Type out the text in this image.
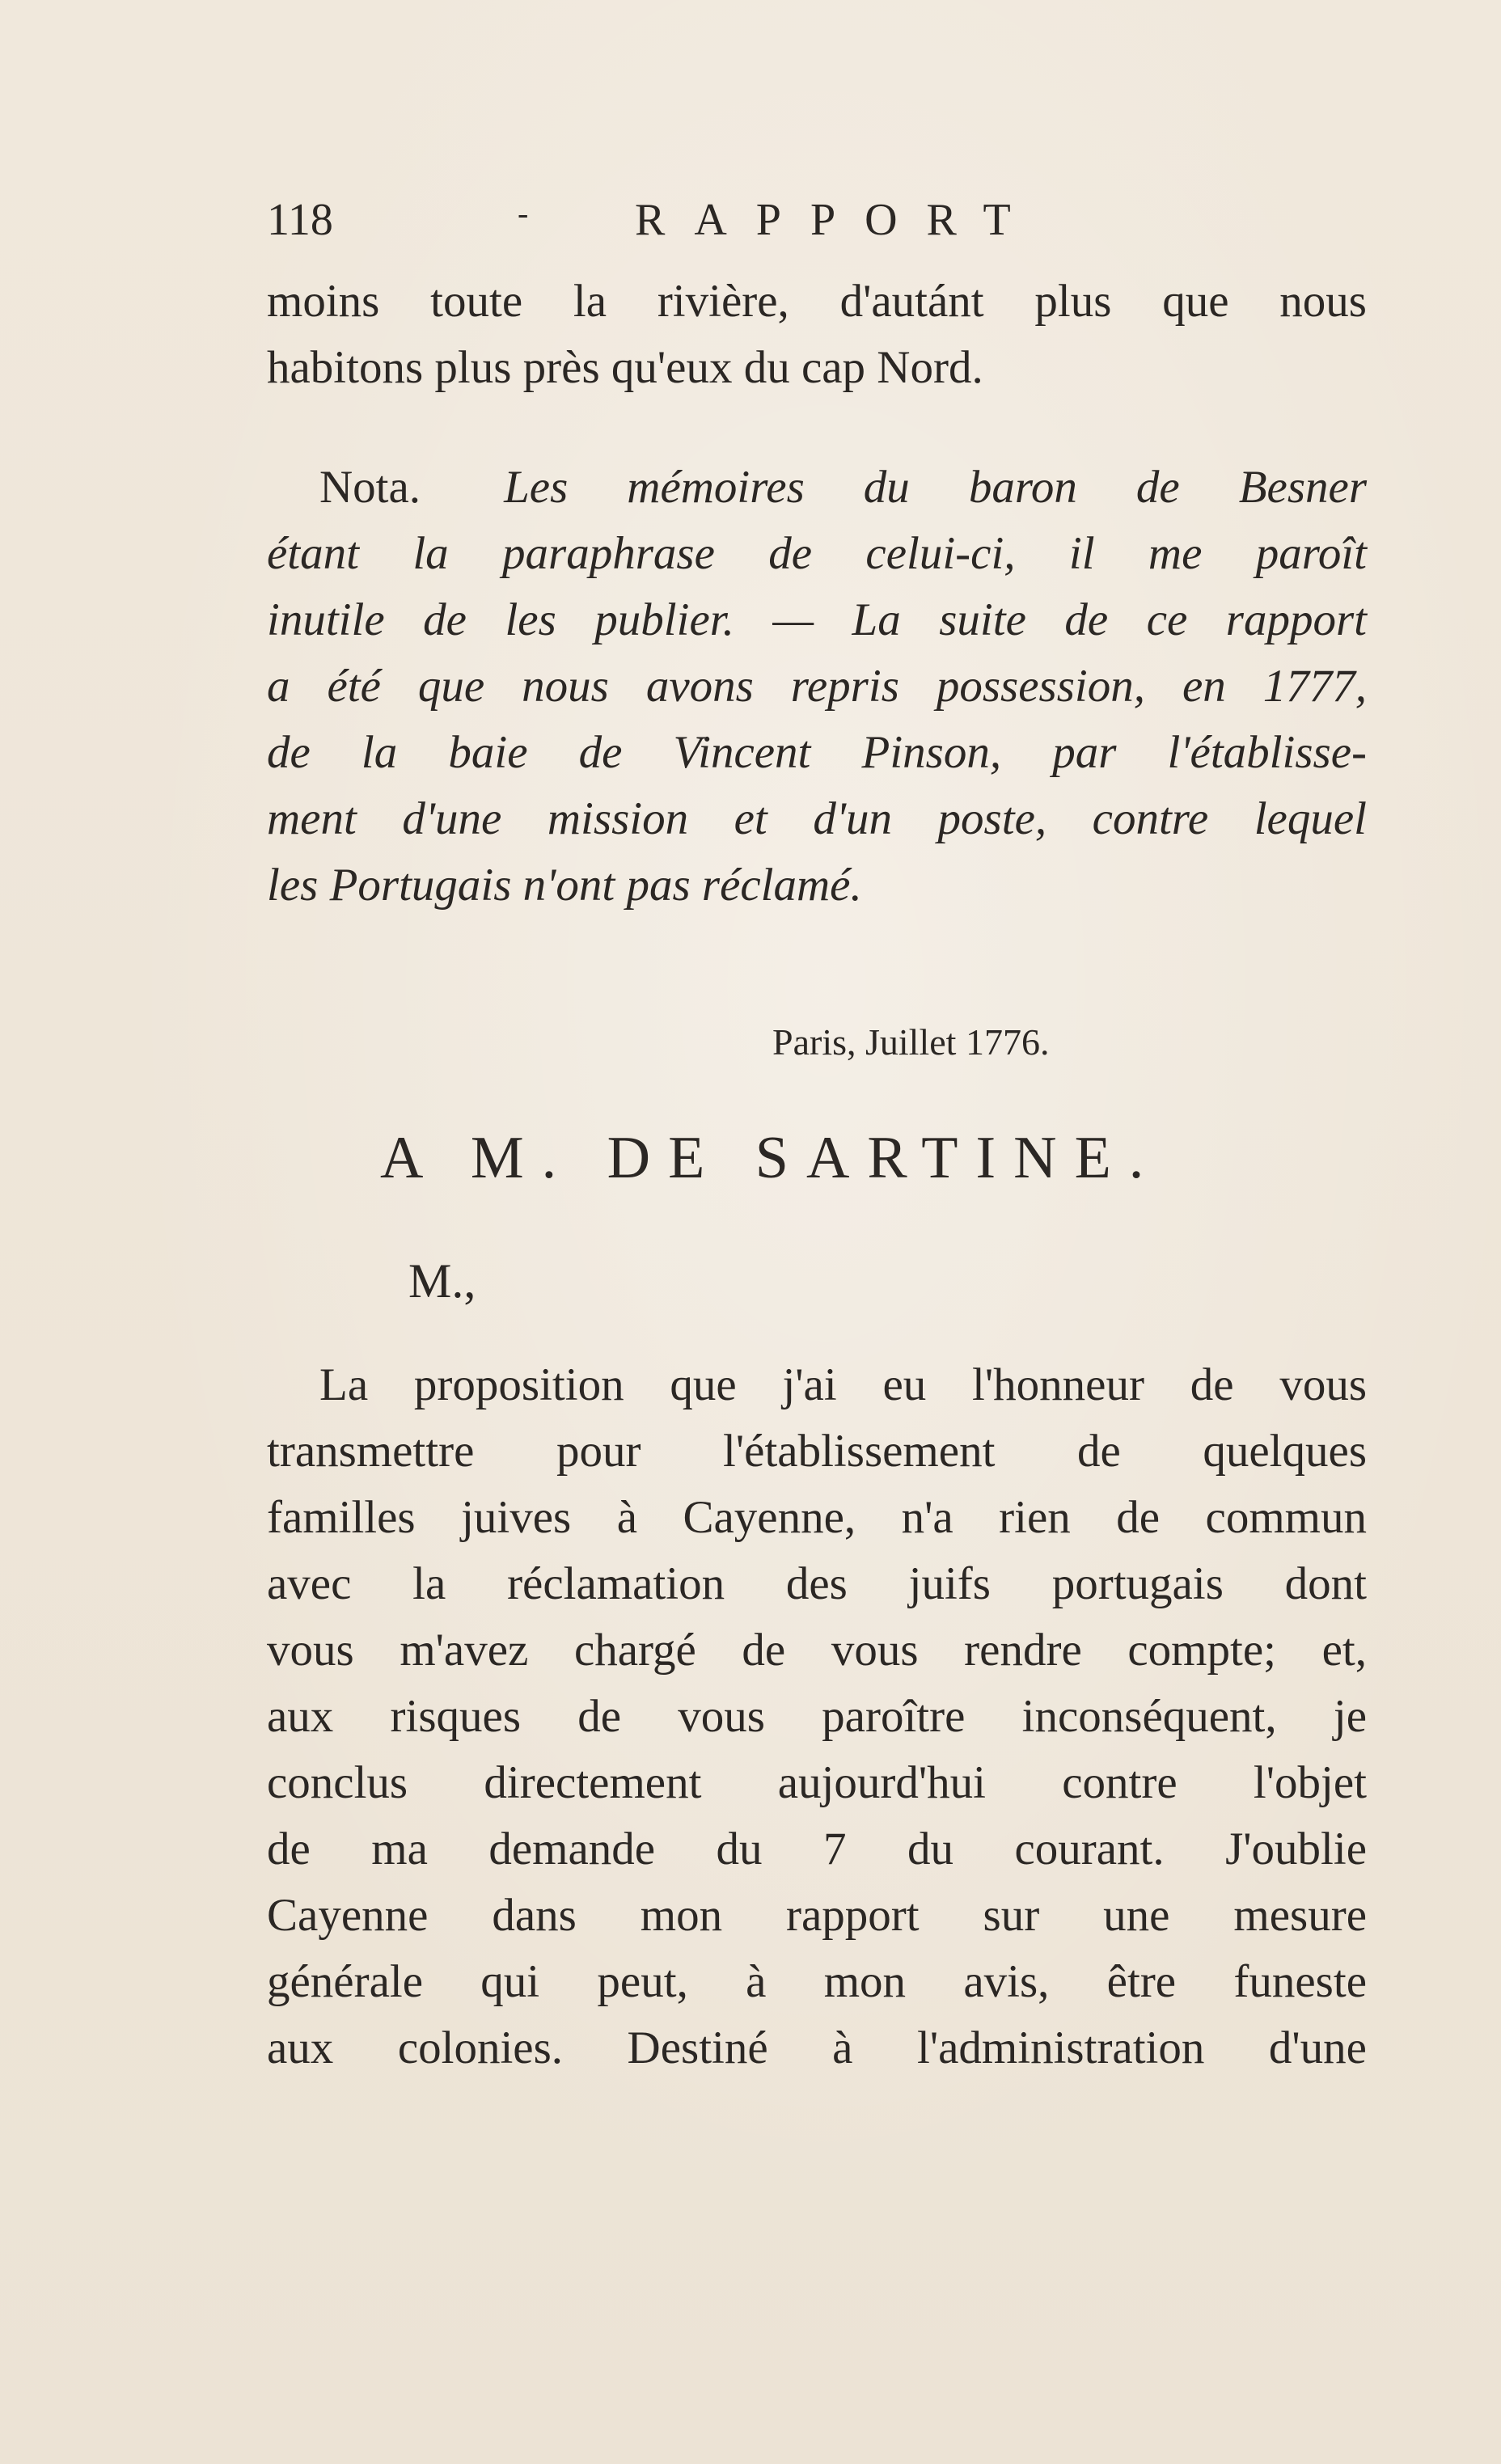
118	- RAPPORT
moins toute la rivière, d'autánt plus que nous
habitons plus près qu'eux du cap Nord.
Nota. Les mémoires du baron de Besner
étant la paraphrase de celui-ci, il me paroît
inutile de les publier. — La suite de ce rapport
a été que nous avons repris possession, en 1777,
de la baie de Vincent Pinson, par l'établisse-
ment d'une mission et d'un poste, contre lequel
les Portugais n'ont pas réclamé.
Paris, Juillet 1776.
A M. DE SARTINE.
M.,
La proposition que j'ai eu l'honneur de vous
transmettre pour l'établissement de quelques
familles juives à Cayenne, n'a rien de commun
avec la réclamation des juifs portugais dont
vous m'avez chargé de vous rendre compte; et,
aux risques de vous paroître inconséquent, je
conclus directement aujourd'hui contre l'objet
de ma demande du 7 du courant. J'oublie
Cayenne dans mon rapport sur une mesure
générale qui peut, à mon avis, être funeste
aux colonies. Destiné à l'administration d'une
